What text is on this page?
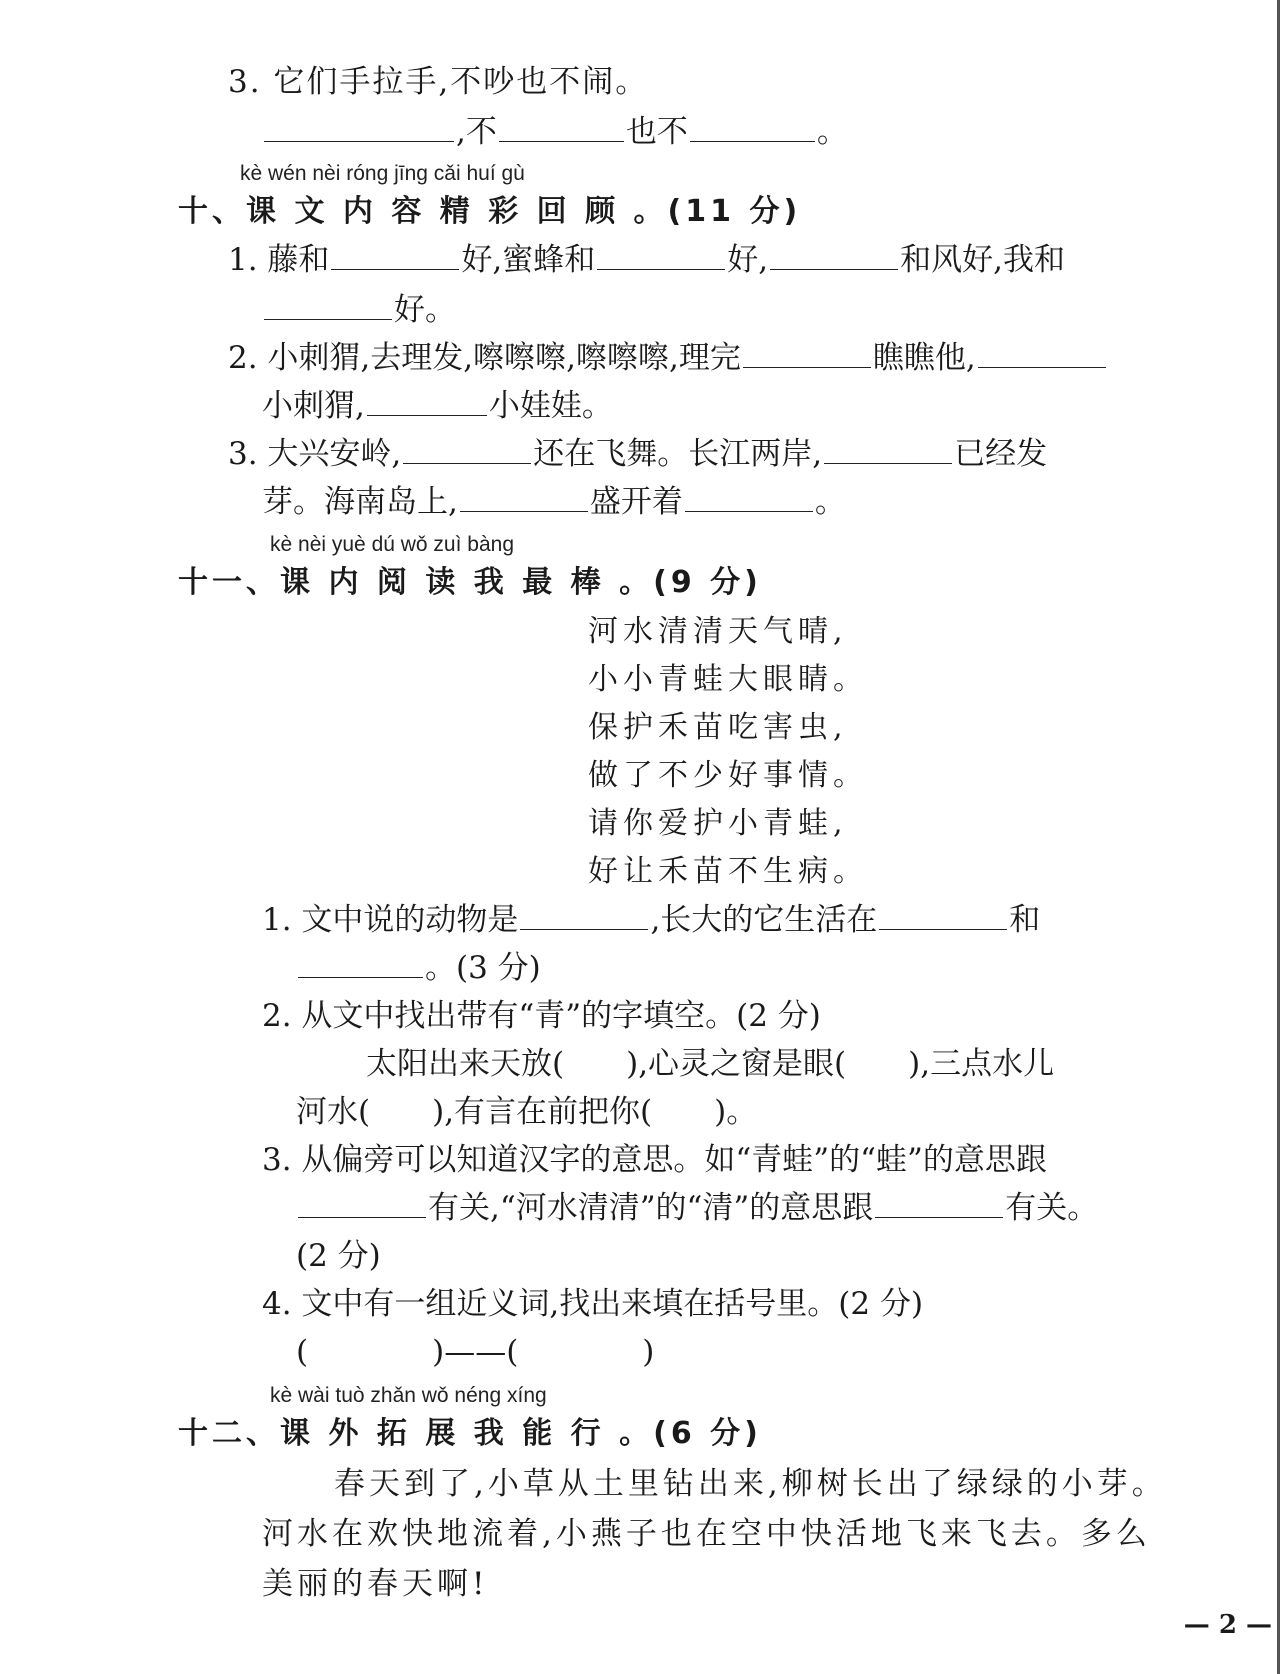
3. 它们手拉手,不吵也不闹。
,不	也不	。
kè wén nèi róng jīng cǎi huí gù
十、课 文 内 容 精 彩 回 顾 。(11 分)
1. 藤和	好,蜜蜂和	好,	和风好,我和
好。
2. 小刺猬,去理发,嚓嚓嚓,嚓嚓嚓,理完	瞧瞧他,
小刺猬,	小娃娃。
3. 大兴安岭,	还在飞舞。长江两岸,	已经发
芽。海南岛上,	盛开着	。
kè nèi yuè dú wǒ zuì bàng
十一、课 内 阅 读 我 最 棒 。(9 分)
河水清清天气晴,
小小青蛙大眼睛。
保护禾苗吃害虫,
做了不少好事情。
请你爱护小青蛙,
好让禾苗不生病。
1. 文中说的动物是	,长大的它生活在	和
。(3 分)
2. 从文中找出带有“青”的字填空。(2 分)
太阳出来天放(　　),心灵之窗是眼(　　),三点水儿
河水(　　),有言在前把你(　　)。
3. 从偏旁可以知道汉字的意思。如“青蛙”的“蛙”的意思跟
有关,“河水清清”的“清”的意思跟	有关。
(2 分)
4. 文中有一组近义词,找出来填在括号里。(2 分)
(　　　　)——(　　　　)
kè wài tuò zhǎn wǒ néng xíng
十二、课 外 拓 展 我 能 行 。(6 分)
春天到了,小草从土里钻出来,柳树长出了绿绿的小芽。
河水在欢快地流着,小燕子也在空中快活地飞来飞去。多么
美丽的春天啊!
— 2 —
